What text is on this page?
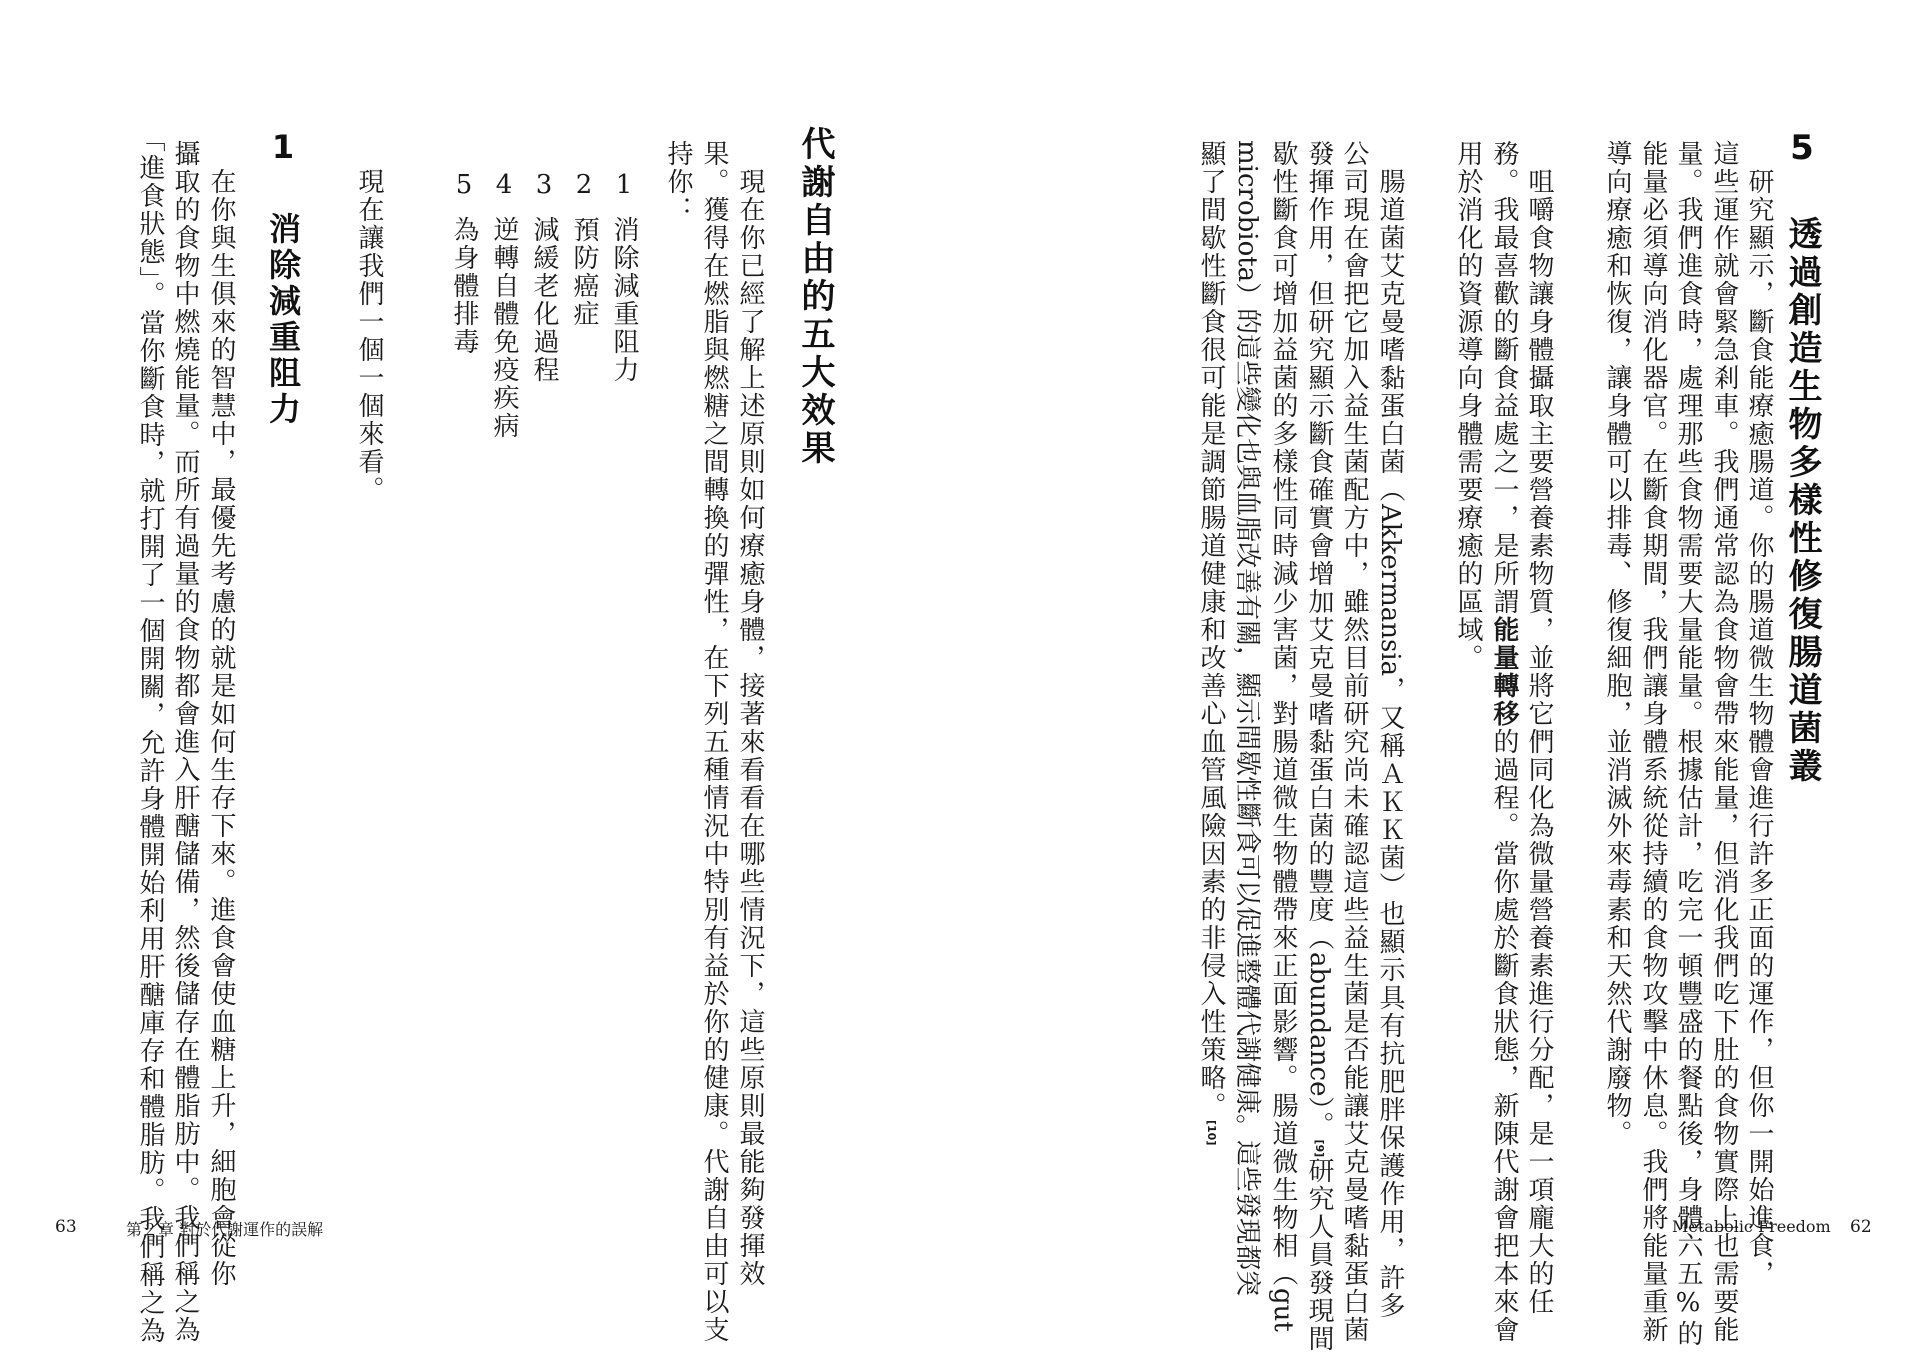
5 透過創造生物多樣性修復腸道菌叢
研究顯示，斷食能療癒腸道。你的腸道微生物體會進行許多正面的運作，但你一開始進食，
這些運作就會緊急剎車。我們通常認為食物會帶來能量，但消化我們吃下肚的食物實際上也需要能
量。我們進食時，處理那些食物需要大量能量。根據估計，吃完一頓豐盛的餐點後，身體六五%的
能量必須導向消化器官。在斷食期間，我們讓身體系統從持續的食物攻擊中休息。我們將能量重新
導向療癒和恢復，讓身體可以排毒、修復細胞，並消滅外來毒素和天然代謝廢物。
咀嚼食物讓身體攝取主要營養素物質，並將它們同化為微量營養素進行分配，是一項龐大的任
務。我最喜歡的斷食益處之一，是所謂能量轉移的過程。當你處於斷食狀態，新陳代謝會把本來會
用於消化的資源導向身體需要療癒的區域。
腸道菌艾克曼嗜黏蛋白菌（Akkermansia，又稱ＡＫＫ菌）也顯示具有抗肥胖保護作用，許多
公司現在會把它加入益生菌配方中，雖然目前研究尚未確認這些益生菌是否能讓艾克曼嗜黏蛋白菌
發揮作用，但研究顯示斷食確實會增加艾克曼嗜黏蛋白菌的豐度（abundance）。[9]研究人員發現間
歇性斷食可增加益菌的多樣性同時減少害菌，對腸道微生物體帶來正面影響。腸道微生物相（gut
microbiota）的這些變化也與血脂改善有關，顯示間歇性斷食可以促進整體代謝健康。這些發現都突
顯了間歇性斷食很可能是調節腸道健康和改善心血管風險因素的非侵入性策略。[10]
代謝自由的五大效果
現在你已經了解上述原則如何療癒身體，接著來看看在哪些情況下，這些原則最能夠發揮效
果。獲得在燃脂與燃糖之間轉換的彈性，在下列五種情況中特別有益於你的健康。代謝自由可以支
持你：
1消除減重阻力
2預防癌症
3減緩老化過程
4逆轉自體免疫疾病
5為身體排毒
現在讓我們一個一個來看。
1 消除減重阻力
在你與生俱來的智慧中，最優先考慮的就是如何生存下來。進食會使血糖上升，細胞會從你
攝取的食物中燃燒能量。而所有過量的食物都會進入肝醣儲備，然後儲存在體脂肪中。我們稱之為
「進食狀態」。當你斷食時，就打開了一個開關，允許身體開始利用肝醣庫存和體脂肪。我們稱之為
63	第２章 對於代謝運作的誤解	Metabolic Freedom 62
